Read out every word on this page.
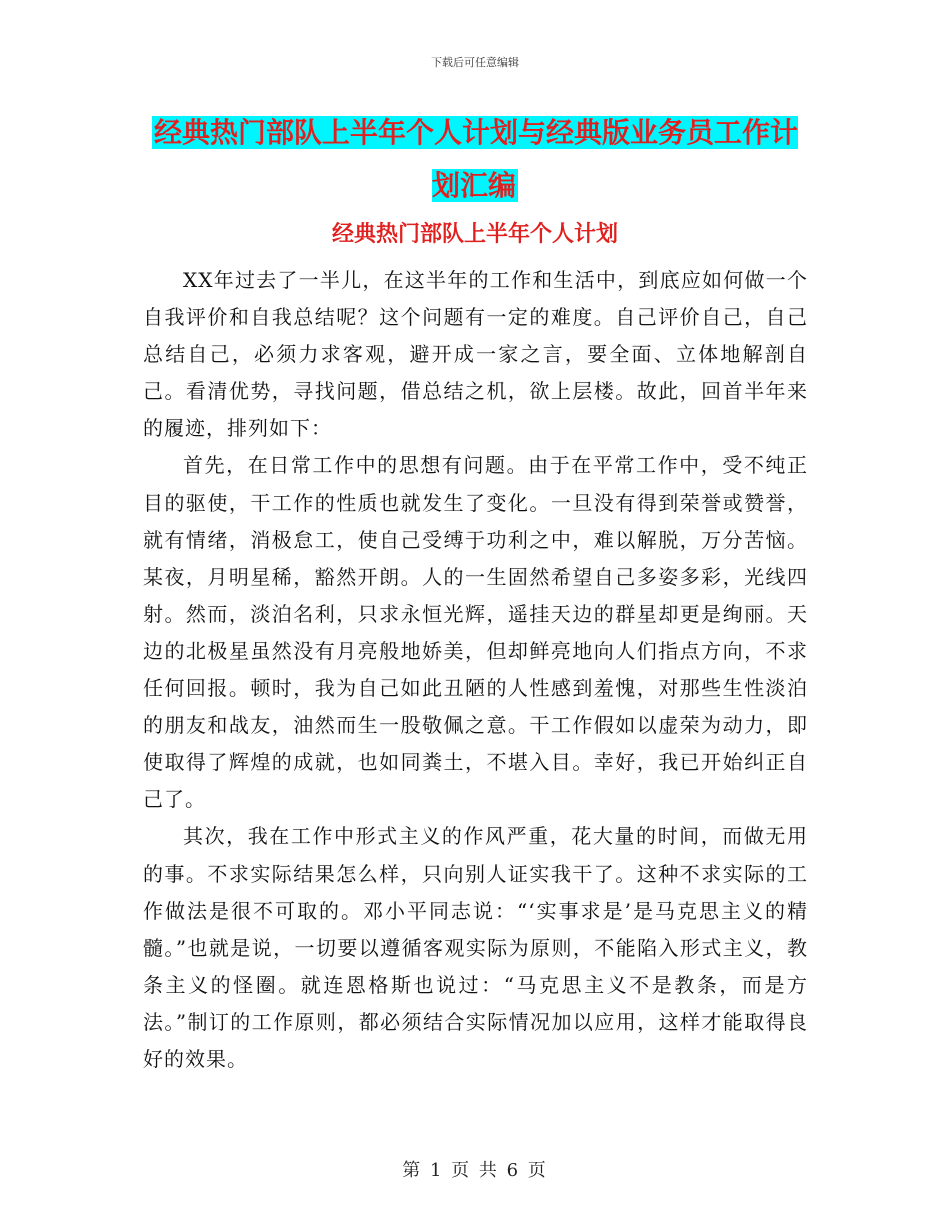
下载后可任意编辑
经典热门部队上半年个人计划与经典版业务员工作计划汇编
经典热门部队上半年个人计划

XX年过去了一半儿，在这半年的工作和生活中，到底应如何做一个自我评价和自我总结呢？这个问题有一定的难度。自己评价自己，自己总结自己，必须力求客观，避开成一家之言，要全面、立体地解剖自己。看清优势，寻找问题，借总结之机，欲上层楼。故此，回首半年来的履迹，排列如下：

首先，在日常工作中的思想有问题。由于在平常工作中，受不纯正目的驱使，干工作的性质也就发生了变化。一旦没有得到荣誉或赞誉，就有情绪，消极怠工，使自己受缚于功利之中，难以解脱，万分苦恼。某夜，月明星稀，豁然开朗。人的一生固然希望自己多姿多彩，光线四射。然而，淡泊名利，只求永恒光辉，遥挂天边的群星却更是绚丽。天边的北极星虽然没有月亮般地娇美，但却鲜亮地向人们指点方向，不求任何回报。顿时，我为自己如此丑陋的人性感到羞愧，对那些生性淡泊的朋友和战友，油然而生一股敬佩之意。干工作假如以虚荣为动力，即使取得了辉煌的成就，也如同粪土，不堪入目。幸好，我已开始纠正自己了。

其次，我在工作中形式主义的作风严重，花大量的时间，而做无用的事。不求实际结果怎么样，只向别人证实我干了。这种不求实际的工作做法是很不可取的。邓小平同志说：“‘实事求是’是马克思主义的精髓。”也就是说，一切要以遵循客观实际为原则，不能陷入形式主义，教条主义的怪圈。就连恩格斯也说过：“马克思主义不是教条，而是方法。”制订的工作原则，都必须结合实际情况加以应用，这样才能取得良好的效果。

第 1 页 共 6 页
